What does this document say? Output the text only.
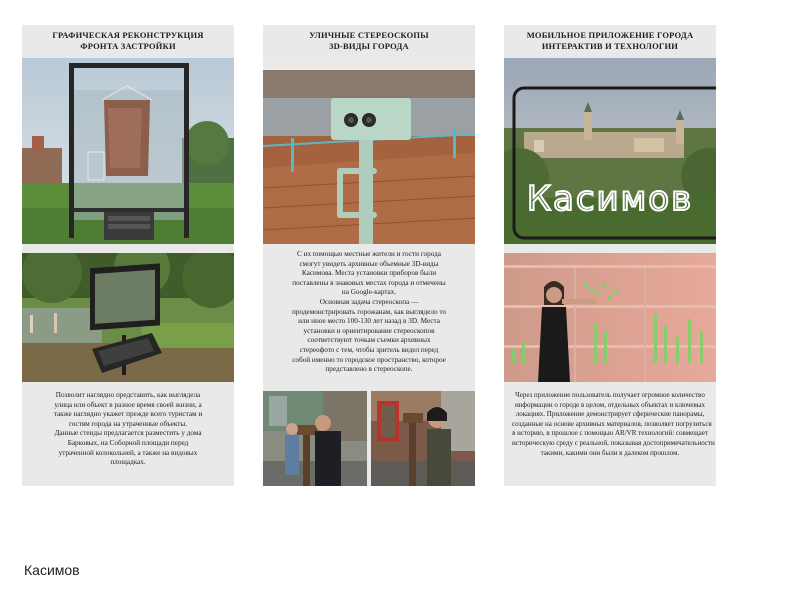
ГРАФИЧЕСКАЯ РЕКОНСТРУКЦИЯ
ФРОНТА ЗАСТРОЙКИ
Позволит наглядно представить, как выглядела
улица или объект в разное время своей жизни, а
также наглядно укажет прежде всего туристам и
гостям города на утраченные объекты.
Данные стенды предлагается разместить у дома
Барковых, на Соборной площади перед
утраченной колокольней, а также на видовых
площадках.
УЛИЧНЫЕ СТЕРЕОСКОПЫ
3D-ВИДЫ ГОРОДА
С их помощью местные жители и гости города
смогут увидеть архивные объемные 3D-виды
Касимова. Места установки приборов были
поставлены в знаковых местах города и отмечены
на Google-картах.
Основная задача стереоскопа —
продемонстрировать горожанам, как выглядело то
или иное место 100-130 лет назад в 3D. Места
установки и ориентирование стереоскопов
соответствуют точкам съемки архивных
стереофото с тем, чтобы зритель видел перед
собой именно то городское пространство, которое
представлено в стереоскопе.
МОБИЛЬНОЕ ПРИЛОЖЕНИЕ ГОРОДА
ИНТЕРАКТИВ И ТЕХНОЛОГИИ
Касимов
Через приложение пользователь получает огромное количество
информации о городе в целом, отдельных объектах и ключевых
локациях. Приложение демонстрирует сферические панорамы,
созданные на основе архивных материалов, позволяет погрузиться
в историю, в прошлое с помощью AR/VR технологий: совмещает
историческую среду с реальной, показывая достопримечательности
такими, какими они были в далеком прошлом.
Касимов
